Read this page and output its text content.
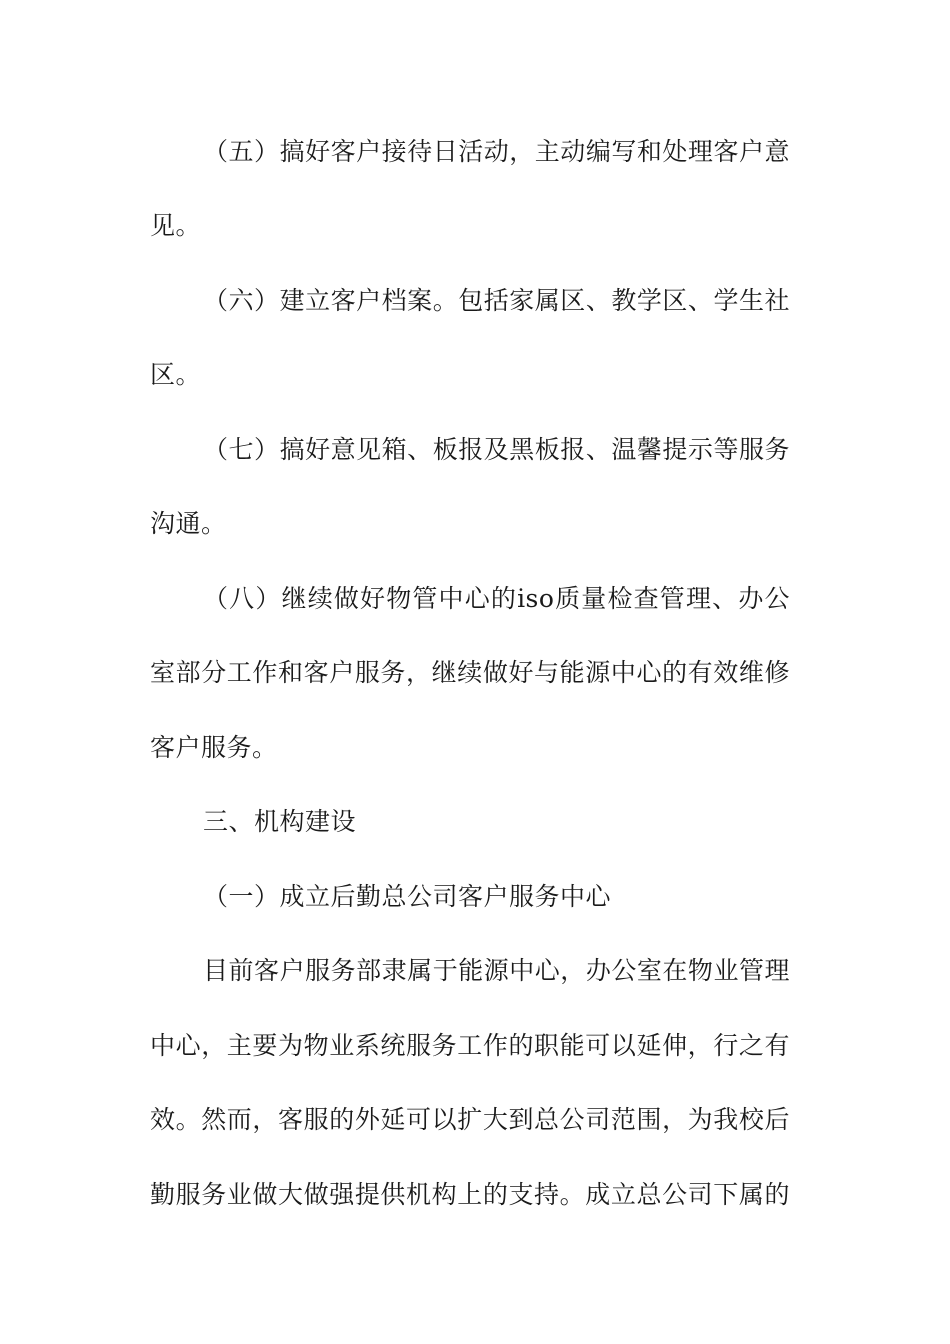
（五）搞好客户接待日活动，主动编写和处理客户意
见。
（六）建立客户档案。包括家属区、教学区、学生社
区。
（七）搞好意见箱、板报及黑板报、温馨提示等服务
沟通。
（八）继续做好物管中心的iso质量检查管理、办公
室部分工作和客户服务，继续做好与能源中心的有效维修
客户服务。
三、机构建设
（一）成立后勤总公司客户服务中心
目前客户服务部隶属于能源中心，办公室在物业管理
中心，主要为物业系统服务工作的职能可以延伸，行之有
效。然而，客服的外延可以扩大到总公司范围，为我校后
勤服务业做大做强提供机构上的支持。成立总公司下属的
